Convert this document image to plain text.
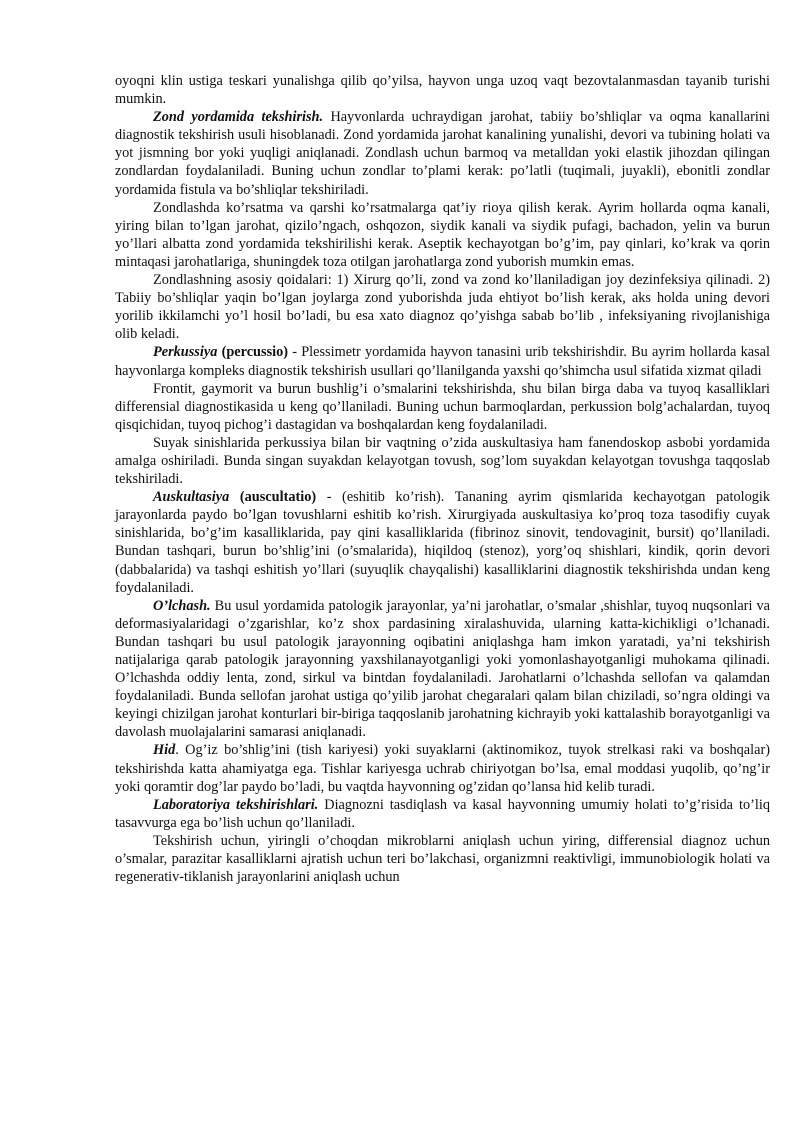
oyoqni klin ustiga teskari yunalishga qilib qo’yilsa, hayvon unga uzoq vaqt bezovtalanmasdan tayanib turishi mumkin.

Zond yordamida tekshirish. Hayvonlarda uchraydigan jarohat, tabiiy bo’shliqlar va oqma kanallarini diagnostik tekshirish usuli hisoblanadi. Zond yordamida jarohat kanalining yunalishi, devori va tubining holati va yot jismning bor yoki yuqligi aniqlanadi. Zondlash uchun barmoq va metalldan yoki elastik jihozdan qilingan zondlardan foydalaniladi. Buning uchun zondlar to’plami kerak: po’latli (tuqimali, juyakli), ebonitli zondlar yordamida fistula va bo’shliqlar tekshiriladi.

Zondlashda ko’rsatma va qarshi ko’rsatmalarga qat’iy rioya qilish kerak. Ayrim hollarda oqma kanali, yiring bilan to’lgan jarohat, qizilo’ngach, oshqozon, siydik kanali va siydik pufagi, bachadon, yelin va burun yo’llari albatta zond yordamida tekshirilishi kerak. Aseptik kechayotgan bo’g’im, pay qinlari, ko’krak va qorin mintaqasi jarohatlariga, shuningdek toza otilgan jarohatlarga zond yuborish mumkin emas.

Zondlashning asosiy qoidalari: 1) Xirurg qo’li, zond va zond ko’llaniladigan joy dezinfeksiya qilinadi. 2) Tabiiy bo’shliqlar yaqin bo’lgan joylarga zond yuborishda juda ehtiyot bo’lish kerak, aks holda uning devori yorilib ikkilamchi yo’l hosil bo’ladi, bu esa xato diagnoz qo’yishga sabab bo’lib , infeksiyaning rivojlanishiga olib keladi.

Perkussiya (percussio) - Plessimetr yordamida hayvon tanasini urib tekshirishdir. Bu ayrim hollarda kasal hayvonlarga kompleks diagnostik tekshirish usullari qo’llanilganda yaxshi qo’shimcha usul sifatida xizmat qiladi

Frontit, gaymorit va burun bushlig’i o’smalarini tekshirishda, shu bilan birga daba va tuyoq kasalliklari differensial diagnostikasida u keng qo’llaniladi. Buning uchun barmoqlardan, perkussion bolg’achalardan, tuyoq qisqichidan, tuyoq pichog’i dastagidan va boshqalardan keng foydalaniladi.

Suyak sinishlarida perkussiya bilan bir vaqtning o’zida auskultasiya ham fanendoskop asbobi yordamida amalga oshiriladi. Bunda singan suyakdan kelayotgan tovush, sog’lom suyakdan kelayotgan tovushga taqqoslab tekshiriladi.

Auskultasiya (auscultatio) - (eshitib ko’rish). Tananing ayrim qismlarida kechayotgan patologik jarayonlarda paydo bo’lgan tovushlarni eshitib ko’rish. Xirurgiyada auskultasiya ko’proq toza tasodifiy cuyak sinishlarida, bo’g’im kasalliklarida, pay qini kasalliklarida (fibrinoz sinovit, tendovaginit, bursit) qo’llaniladi. Bundan tashqari, burun bo’shlig’ini (o’smalarida), hiqildoq (stenoz), yorg’oq shishlari, kindik, qorin devori (dabbalarida) va tashqi eshitish yo’llari (suyuqlik chayqalishi) kasalliklarini diagnostik tekshirishda undan keng foydalaniladi.

O’lchash. Bu usul yordamida patologik jarayonlar, ya’ni jarohatlar, o’smalar ,shishlar, tuyoq nuqsonlari va deformasiyalaridagi o’zgarishlar, ko’z shox pardasining xiralashuvida, ularning katta-kichikligi o’lchanadi. Bundan tashqari bu usul patologik jarayonning oqibatini aniqlashga ham imkon yaratadi, ya’ni tekshirish natijalariga qarab patologik jarayonning yaxshilanayotganligi yoki yomonlashayotganligi muhokama qilinadi. O’lchashda oddiy lenta, zond, sirkul va bintdan foydalaniladi. Jarohatlarni o’lchashda sellofan va qalamdan foydalaniladi. Bunda sellofan jarohat ustiga qo’yilib jarohat chegaralari qalam bilan chiziladi, so’ngra oldingi va keyingi chizilgan jarohat konturlari bir-biriga taqqoslanib jarohatning kichrayib yoki kattalashib borayotganligi va davolash muolajalarini samarasi aniqlanadi.

Hid. Og’iz bo’shlig’ini (tish kariyesi) yoki suyaklarni (aktinomikoz, tuyok strelkasi raki va boshqalar) tekshirishda katta ahamiyatga ega. Tishlar kariyesga uchrab chiriyotgan bo’lsa, emal moddasi yuqolib, qo’ng’ir yoki qoramtir dog’lar paydo bo’ladi, bu vaqtda hayvonning og’zidan qo’lansa hid kelib turadi.

Laboratoriya tekshirishlari. Diagnozni tasdiqlash va kasal hayvonning umumiy holati to’g’risida to’liq tasavvurga ega bo’lish uchun qo’llaniladi.

Tekshirish uchun, yiringli o’choqdan mikroblarni aniqlash uchun yiring, differensial diagnoz uchun o’smalar, parazitar kasalliklarni ajratish uchun teri bo’lakchasi, organizmni reaktivligi, immunobiologik holati va regenerativ-tiklanish jarayonlarini aniqlash uchun
